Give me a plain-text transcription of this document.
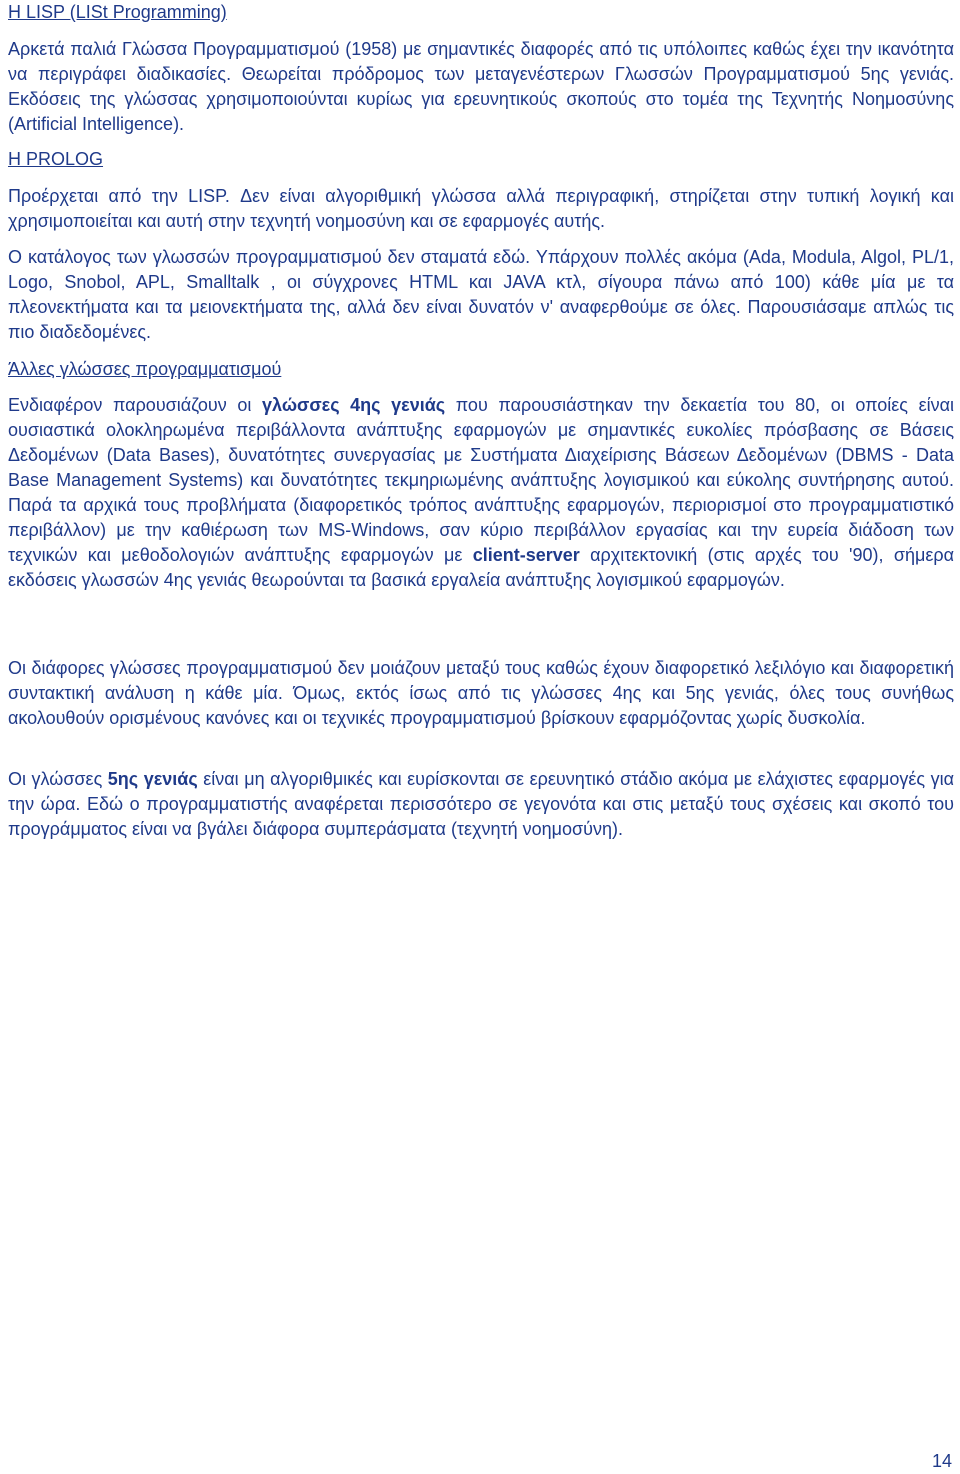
Η LISP (LISt Programming)

Αρκετά παλιά Γλώσσα Προγραμματισμού (1958) με σημαντικές διαφορές από τις υπόλοιπες καθώς έχει την ικανότητα να περιγράφει διαδικασίες. Θεωρείται πρόδρομος των μεταγενέστερων Γλωσσών Προγραμματισμού 5ης γενιάς. Εκδόσεις της γλώσσας χρησιμοποιούνται κυρίως για ερευνητικούς σκοπούς στο τομέα της Τεχνητής Νοημοσύνης (Artificial Intelligence).

Η PROLOG

Προέρχεται από την LISP. Δεν είναι αλγοριθμική γλώσσα αλλά περιγραφική, στηρίζεται στην τυπική λογική και χρησιμοποιείται και αυτή στην τεχνητή νοημοσύνη και σε εφαρμογές αυτής.

Ο κατάλογος των γλωσσών προγραμματισμού δεν σταματά εδώ. Υπάρχουν πολλές ακόμα (Ada, Modula, Algol, PL/1, Logo, Snobol, APL, Smalltalk , οι σύγχρονες HTML και JAVA κτλ, σίγουρα πάνω από 100) κάθε μία με τα πλεονεκτήματα και τα μειονεκτήματα της, αλλά δεν είναι δυνατόν ν' αναφερθούμε σε όλες. Παρουσιάσαμε απλώς τις πιο διαδεδομένες.

Άλλες γλώσσες προγραμματισμού

Ενδιαφέρον παρουσιάζουν οι γλώσσες 4ης γενιάς που παρουσιάστηκαν την δεκαετία του 80, οι οποίες είναι ουσιαστικά ολοκληρωμένα περιβάλλοντα ανάπτυξης εφαρμογών με σημαντικές ευκολίες πρόσβασης σε Βάσεις Δεδομένων (Data Bases), δυνατότητες συνεργασίας με Συστήματα Διαχείρισης Βάσεων Δεδομένων (DBMS - Data Base Management Systems) και δυνατότητες τεκμηριωμένης ανάπτυξης λογισμικού και εύκολης συντήρησης αυτού. Παρά τα αρχικά τους προβλήματα (διαφορετικός τρόπος ανάπτυξης εφαρμογών, περιορισμοί στο προγραμματιστικό περιβάλλον) με την καθιέρωση των MS-Windows, σαν κύριο περιβάλλον εργασίας και την ευρεία διάδοση των τεχνικών και μεθοδολογιών ανάπτυξης εφαρμογών με client-server αρχιτεκτονική (στις αρχές του '90), σήμερα εκδόσεις γλωσσών 4ης γενιάς θεωρούνται τα βασικά εργαλεία ανάπτυξης λογισμικού εφαρμογών.

Οι διάφορες γλώσσες προγραμματισμού δεν μοιάζουν μεταξύ τους καθώς έχουν διαφορετικό λεξιλόγιο και διαφορετική συντακτική ανάλυση η κάθε μία. Όμως, εκτός ίσως από τις γλώσσες 4ης και 5ης γενιάς, όλες τους συνήθως ακολουθούν ορισμένους κανόνες και οι τεχνικές προγραμματισμού βρίσκουν εφαρμόζοντας χωρίς δυσκολία.

Οι γλώσσες 5ης γενιάς είναι μη αλγοριθμικές και ευρίσκονται σε ερευνητικό στάδιο ακόμα με ελάχιστες εφαρμογές για την ώρα. Εδώ ο προγραμματιστής αναφέρεται περισσότερο σε γεγονότα και στις μεταξύ τους σχέσεις και σκοπό του προγράμματος είναι να βγάλει διάφορα συμπεράσματα (τεχνητή νοημοσύνη).

14
